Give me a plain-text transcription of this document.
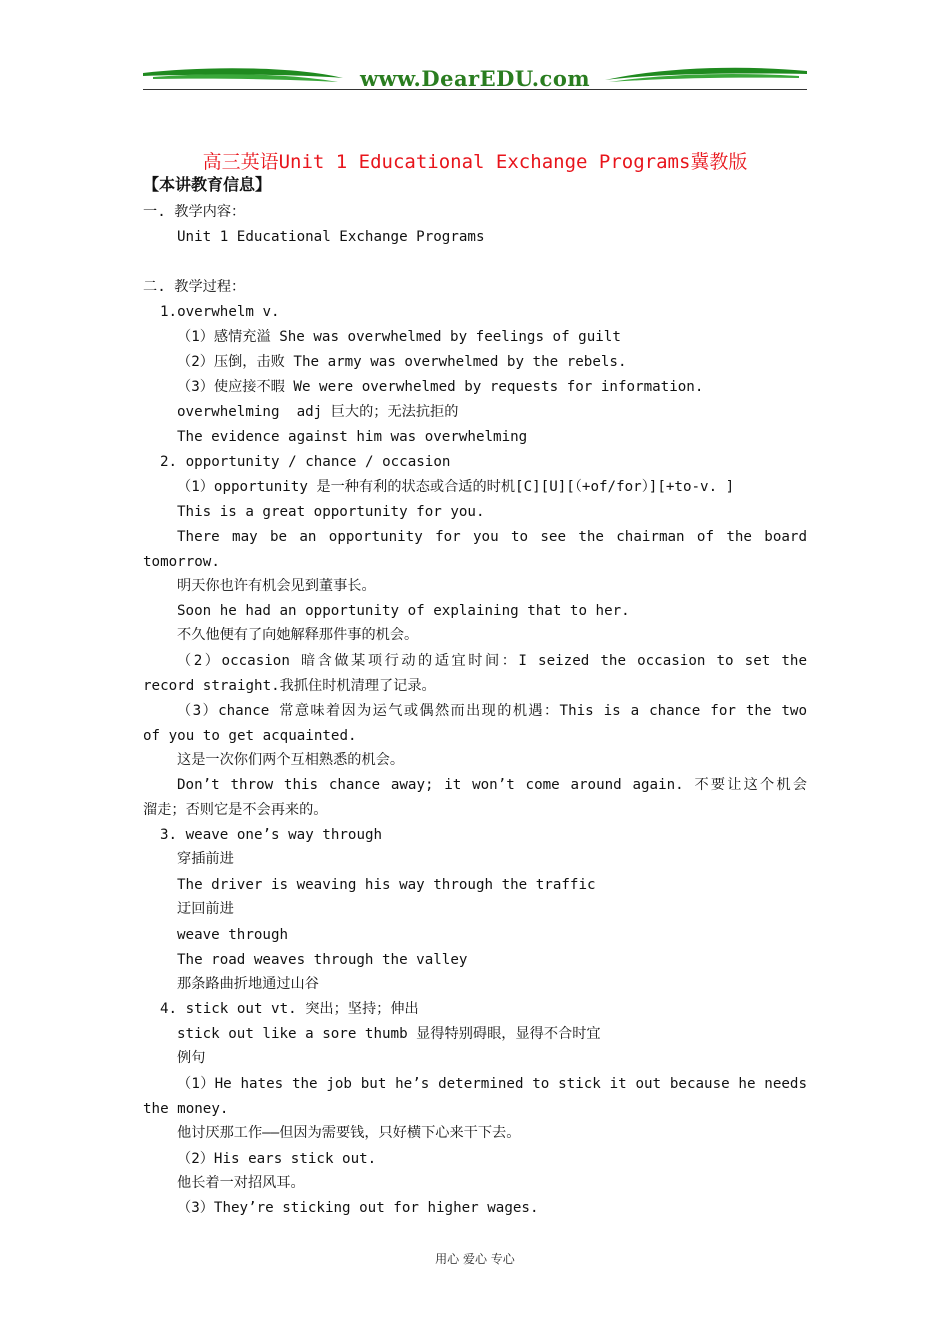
www.DearEDU.com
高三英语Unit 1 Educational Exchange Programs冀教版
【本讲教育信息】
一. 教学内容：
Unit 1 Educational Exchange Programs
二. 教学过程：
1.overwhelm v.
（1）感情充溢 She was overwhelmed by feelings of guilt
（2）压倒，击败 The army was overwhelmed by the rebels.
（3）使应接不暇 We were overwhelmed by requests for information.
overwhelming  adj 巨大的；无法抗拒的
The evidence against him was overwhelming
2. opportunity / chance / occasion
（1）opportunity 是一种有利的状态或合适的时机[C][U][（+of/for）][+to-v. ]
This is a great opportunity for you.
There may be an opportunity for you to see the chairman of the board
tomorrow.
明天你也许有机会见到董事长。
Soon he had an opportunity of explaining that to her.
不久他便有了向她解释那件事的机会。
（2）occasion 暗含做某项行动的适宜时间：I seized the occasion to set the
record straight.我抓住时机清理了记录。
（3）chance 常意味着因为运气或偶然而出现的机遇：This is a chance for the two
of you to get acquainted.
这是一次你们两个互相熟悉的机会。
Don’t throw this chance away; it won’t come around again. 不要让这个机会
溜走；否则它是不会再来的。
3. weave one’s way through
穿插前进
The driver is weaving his way through the traffic
迂回前进
weave through
The road weaves through the valley
那条路曲折地通过山谷
4. stick out vt. 突出；坚持；伸出
stick out like a sore thumb 显得特别碍眼，显得不合时宜
例句
（1）He hates the job but he’s determined to stick it out because he needs
the money.
他讨厌那工作——但因为需要钱，只好横下心来干下去。
（2）His ears stick out.
他长着一对招风耳。
（3）They’re sticking out for higher wages.
用心 爱心 专心
